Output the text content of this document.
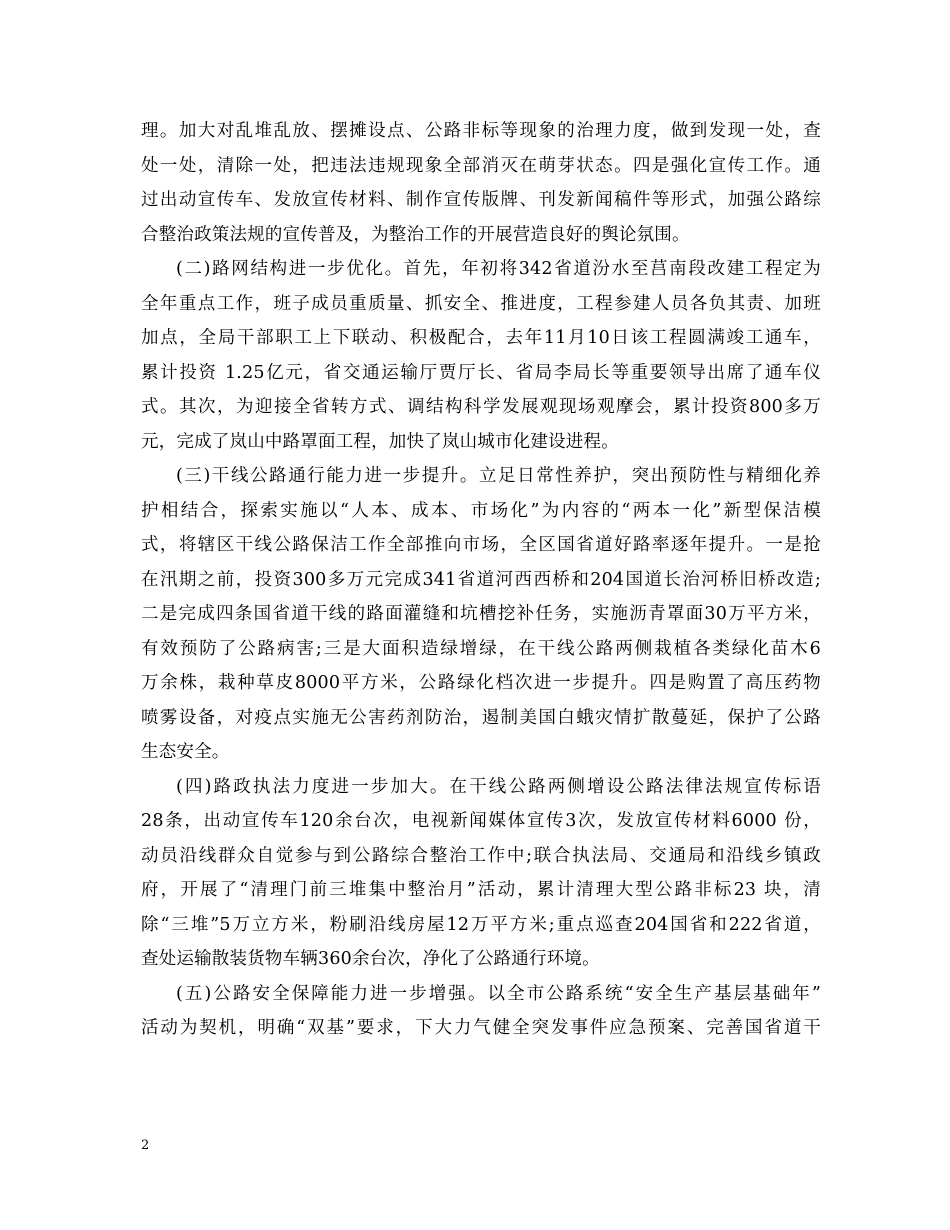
理。加大对乱堆乱放、摆摊设点、公路非标等现象的治理力度，做到发现一处，查
处一处，清除一处，把违法违规现象全部消灭在萌芽状态。四是强化宣传工作。通
过出动宣传车、发放宣传材料、制作宣传版牌、刊发新闻稿件等形式，加强公路综
合整治政策法规的宣传普及，为整治工作的开展营造良好的舆论氛围。
(二)路网结构进一步优化。首先，年初将342省道汾水至莒南段改建工程定为
全年重点工作，班子成员重质量、抓安全、推进度，工程参建人员各负其责、加班
加点，全局干部职工上下联动、积极配合，去年11月10日该工程圆满竣工通车，
累计投资 1.25亿元，省交通运输厅贾厅长、省局李局长等重要领导出席了通车仪
式。其次，为迎接全省转方式、调结构科学发展观现场观摩会，累计投资800多万
元，完成了岚山中路罩面工程，加快了岚山城市化建设进程。
(三)干线公路通行能力进一步提升。立足日常性养护，突出预防性与精细化养
护相结合，探索实施以“人本、成本、市场化”为内容的“两本一化”新型保洁模
式，将辖区干线公路保洁工作全部推向市场，全区国省道好路率逐年提升。一是抢
在汛期之前，投资300多万元完成341省道河西西桥和204国道长治河桥旧桥改造;
二是完成四条国省道干线的路面灌缝和坑槽挖补任务，实施沥青罩面30万平方米，
有效预防了公路病害;三是大面积造绿增绿，在干线公路两侧栽植各类绿化苗木6
万余株，栽种草皮8000平方米，公路绿化档次进一步提升。四是购置了高压药物
喷雾设备，对疫点实施无公害药剂防治，遏制美国白蛾灾情扩散蔓延，保护了公路
生态安全。
(四)路政执法力度进一步加大。在干线公路两侧增设公路法律法规宣传标语
28条，出动宣传车120余台次，电视新闻媒体宣传3次，发放宣传材料6000 份，
动员沿线群众自觉参与到公路综合整治工作中;联合执法局、交通局和沿线乡镇政
府，开展了“清理门前三堆集中整治月”活动，累计清理大型公路非标23 块，清
除“三堆”5万立方米，粉刷沿线房屋12万平方米;重点巡查204国省和222省道，
查处运输散装货物车辆360余台次，净化了公路通行环境。
(五)公路安全保障能力进一步增强。以全市公路系统“安全生产基层基础年”
活动为契机，明确“双基”要求，下大力气健全突发事件应急预案、完善国省道干
2
